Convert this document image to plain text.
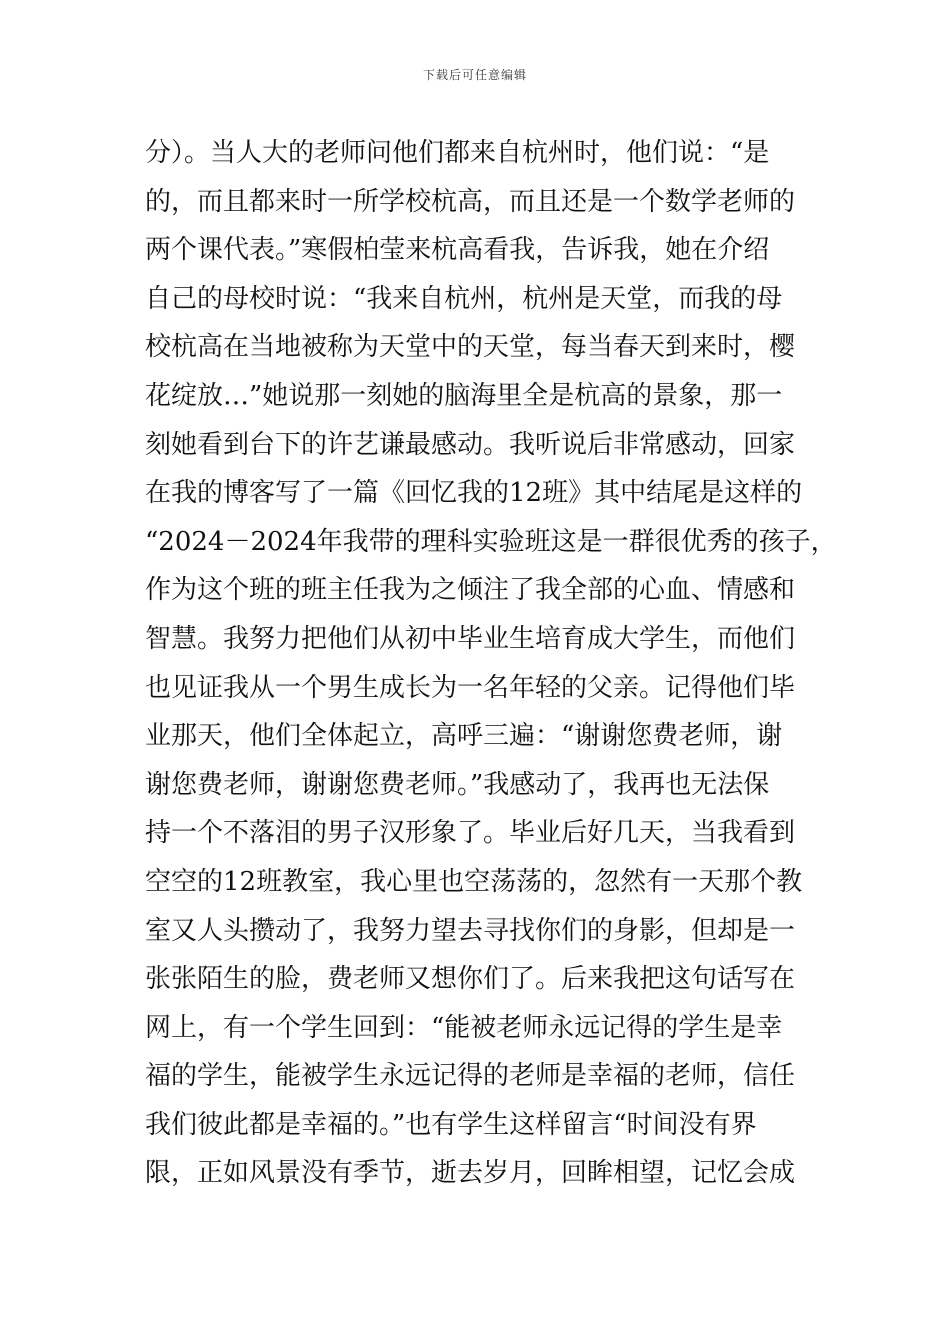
下载后可任意编辑
分）。当人大的老师问他们都来自杭州时，他们说：“是
的，而且都来时一所学校杭高，而且还是一个数学老师的
两个课代表。”寒假柏莹来杭高看我，告诉我，她在介绍
自己的母校时说：“我来自杭州，杭州是天堂，而我的母
校杭高在当地被称为天堂中的天堂，每当春天到来时，樱
花绽放…”她说那一刻她的脑海里全是杭高的景象，那一
刻她看到台下的许艺谦最感动。我听说后非常感动，回家
在我的博客写了一篇《回忆我的12班》其中结尾是这样的
“2024－2024年我带的理科实验班这是一群很优秀的孩子，
作为这个班的班主任我为之倾注了我全部的心血、情感和
智慧。我努力把他们从初中毕业生培育成大学生，而他们
也见证我从一个男生成长为一名年轻的父亲。记得他们毕
业那天，他们全体起立，高呼三遍：“谢谢您费老师，谢
谢您费老师，谢谢您费老师。”我感动了，我再也无法保
持一个不落泪的男子汉形象了。毕业后好几天，当我看到
空空的12班教室，我心里也空荡荡的，忽然有一天那个教
室又人头攒动了，我努力望去寻找你们的身影，但却是一
张张陌生的脸，费老师又想你们了。后来我把这句话写在
网上，有一个学生回到：“能被老师永远记得的学生是幸
福的学生，能被学生永远记得的老师是幸福的老师，信任
我们彼此都是幸福的。”也有学生这样留言“时间没有界
限，正如风景没有季节，逝去岁月，回眸相望，记忆会成
